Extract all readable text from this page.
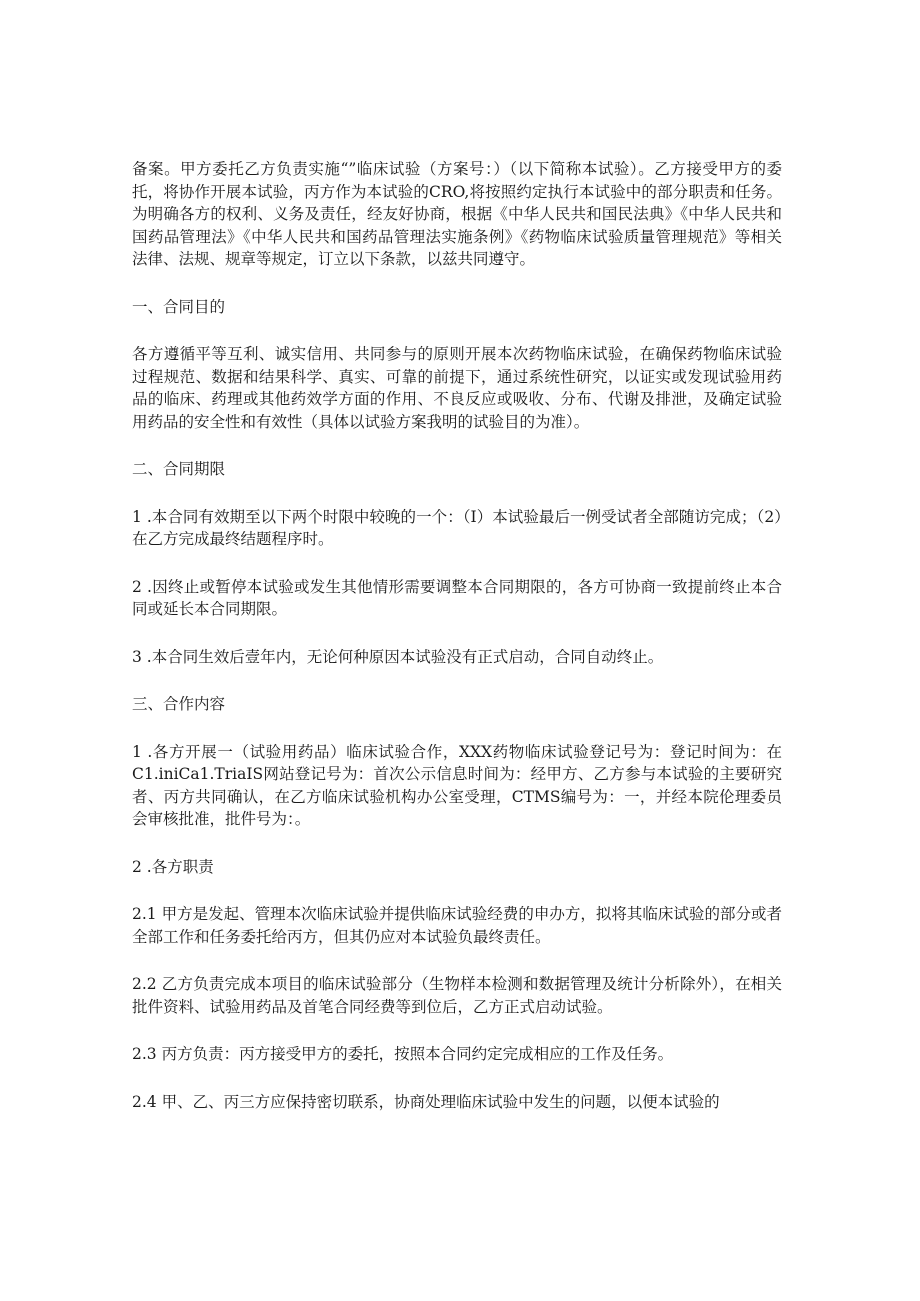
备案。甲方委托乙方负责实施“”临床试验（方案号：）（以下简称本试验）。乙方接受甲方的委托，将协作开展本试验，丙方作为本试验的CRO,将按照约定执行本试验中的部分职责和任务。为明确各方的权利、义务及责任，经友好协商，根据《中华人民共和国民法典》《中华人民共和国药品管理法》《中华人民共和国药品管理法实施条例》《药物临床试验质量管理规范》等相关法律、法规、规章等规定，订立以下条款，以兹共同遵守。

一、合同目的

各方遵循平等互利、诚实信用、共同参与的原则开展本次药物临床试验，在确保药物临床试验过程规范、数据和结果科学、真实、可靠的前提下，通过系统性研究，以证实或发现试验用药品的临床、药理或其他药效学方面的作用、不良反应或吸收、分布、代谢及排泄，及确定试验用药品的安全性和有效性（具体以试验方案我明的试验目的为准）。

二、合同期限

1 .本合同有效期至以下两个时限中较晚的一个：（I）本试验最后一例受试者全部随访完成；（2）在乙方完成最终结题程序时。

2 .因终止或暂停本试验或发生其他情形需要调整本合同期限的，各方可协商一致提前终止本合同或延长本合同期限。

3 .本合同生效后壹年内，无论何种原因本试验没有正式启动，合同自动终止。

三、合作内容

1 .各方开展一（试验用药品）临床试验合作，XXX药物临床试验登记号为：登记时间为：在C1.iniCa1.TriaIS网站登记号为：首次公示信息时间为：经甲方、乙方参与本试验的主要研究者、丙方共同确认，在乙方临床试验机构办公室受理，CTMS编号为：一，并经本院伦理委员会审核批准，批件号为：。

2 .各方职责

2.1 甲方是发起、管理本次临床试验并提供临床试验经费的申办方，拟将其临床试验的部分或者全部工作和任务委托给丙方，但其仍应对本试验负最终责任。

2.2 乙方负责完成本项目的临床试验部分（生物样本检测和数据管理及统计分析除外），在相关批件资料、试验用药品及首笔合同经费等到位后，乙方正式启动试验。

2.3 丙方负责：丙方接受甲方的委托，按照本合同约定完成相应的工作及任务。

2.4 甲、乙、丙三方应保持密切联系，协商处理临床试验中发生的问题，以便本试验的
